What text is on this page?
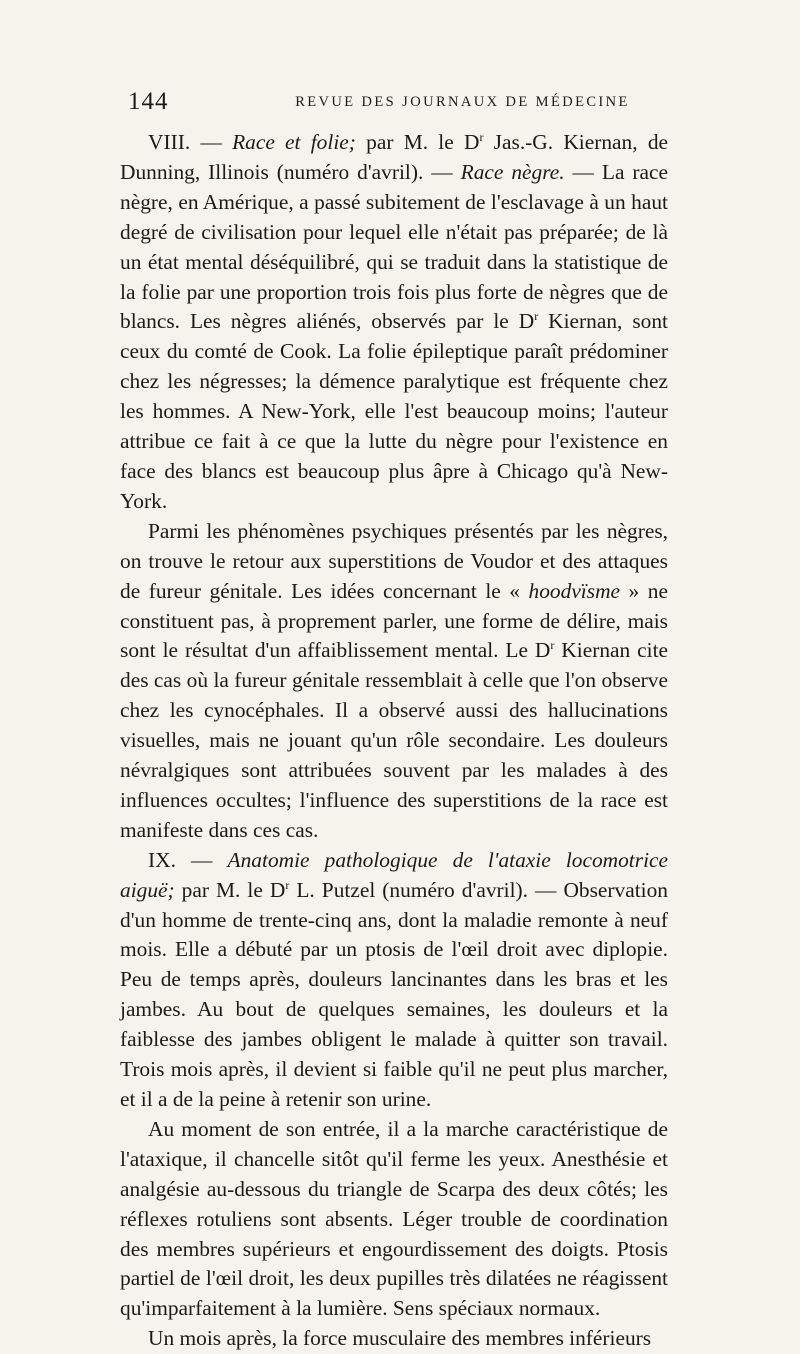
144	REVUE DES JOURNAUX DE MÉDECINE

VIII. — Race et folie; par M. le $D^r$ Jas.-G. Kiernan, de Dunning, Illinois (numéro d'avril). — Race nègre. — La race nègre, en Amérique, a passé subitement de l'esclavage à un haut degré de civilisation pour lequel elle n'était pas préparée; de là un état mental déséquilibré, qui se traduit dans la statistique de la folie par une proportion trois fois plus forte de nègres que de blancs. Les nègres aliénés, observés par le $D^r$ Kiernan, sont ceux du comté de Cook. La folie épileptique paraît prédominer chez les négresses; la démence paralytique est fréquente chez les hommes. A New-York, elle l'est beaucoup moins; l'auteur attribue ce fait à ce que la lutte du nègre pour l'existence en face des blancs est beaucoup plus âpre à Chicago qu'à New-York.

Parmi les phénomènes psychiques présentés par les nègres, on trouve le retour aux superstitions de Voudor et des attaques de fureur génitale. Les idées concernant le « hoodvïsme » ne constituent pas, à proprement parler, une forme de délire, mais sont le résultat d'un affaiblissement mental. Le $D^r$ Kiernan cite des cas où la fureur génitale ressemblait à celle que l'on observe chez les cynocéphales. Il a observé aussi des hallucinations visuelles, mais ne jouant qu'un rôle secondaire. Les douleurs névralgiques sont attribuées souvent par les malades à des influences occultes; l'influence des superstitions de la race est manifeste dans ces cas.

IX. — Anatomie pathologique de l'ataxie locomotrice aiguë; par M. le $D^r$ L. Putzel (numéro d'avril). — Observation d'un homme de trente-cinq ans, dont la maladie remonte à neuf mois. Elle a débuté par un ptosis de l'œil droit avec diplopie. Peu de temps après, douleurs lancinantes dans les bras et les jambes. Au bout de quelques semaines, les douleurs et la faiblesse des jambes obligent le malade à quitter son travail. Trois mois après, il devient si faible qu'il ne peut plus marcher, et il a de la peine à retenir son urine.

Au moment de son entrée, il a la marche caractéristique de l'ataxique, il chancelle sitôt qu'il ferme les yeux. Anesthésie et analgésie au-dessous du triangle de Scarpa des deux côtés; les réflexes rotuliens sont absents. Léger trouble de coordination des membres supérieurs et engourdissement des doigts. Ptosis partiel de l'œil droit, les deux pupilles très dilatées ne réagissent qu'imparfaitement à la lumière. Sens spéciaux normaux.

Un mois après, la force musculaire des membres inférieurs
